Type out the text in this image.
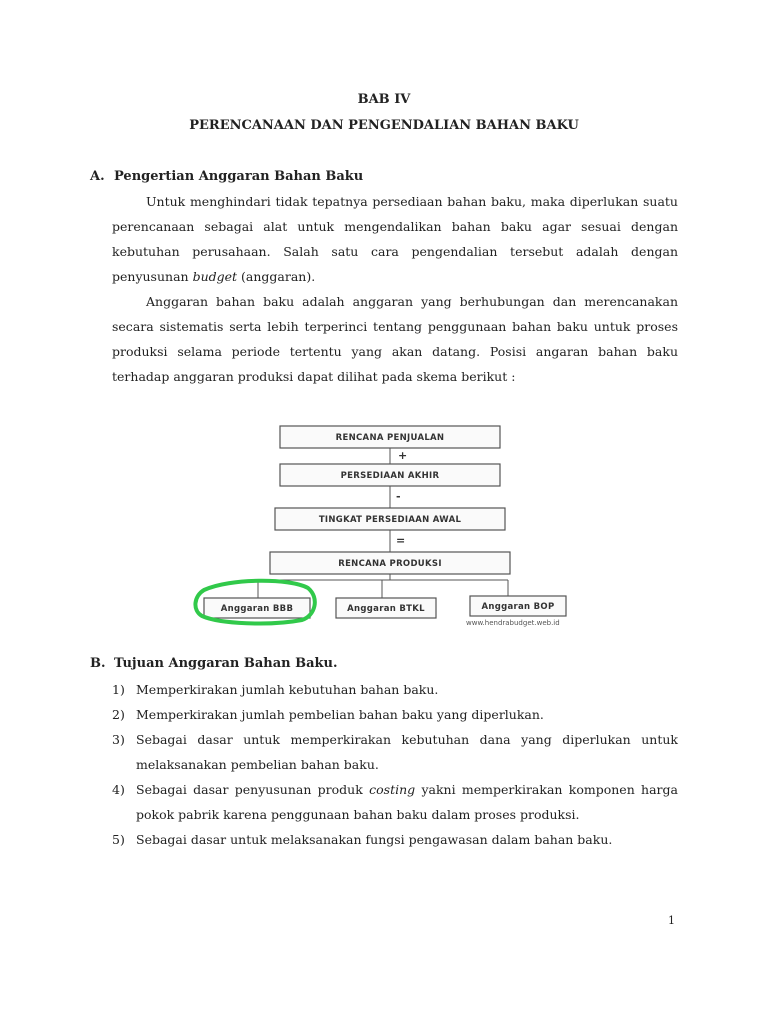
BAB IV
PERENCANAAN DAN PENGENDALIAN BAHAN BAKU
A. Pengertian Anggaran Bahan Baku

Untuk menghindari tidak tepatnya persediaan bahan baku, maka diperlukan suatu perencanaan sebagai alat untuk mengendalikan bahan baku agar sesuai dengan kebutuhan perusahaan. Salah satu cara pengendalian tersebut adalah dengan penyusunan budget (anggaran).

Anggaran bahan baku adalah anggaran yang berhubungan dan merencanakan secara sistematis serta lebih terperinci tentang penggunaan bahan baku untuk proses produksi selama periode tertentu yang akan datang. Posisi angaran bahan baku terhadap anggaran produksi dapat dilihat pada skema berikut :

RENCANA PENJUALAN
+
PERSEDIAAN AKHIR
-
TINGKAT PERSEDIAAN AWAL
=
RENCANA PRODUKSI
Anggaran BBB	Anggaran BTKL	Anggaran BOP
www.hendrabudget.web.id
B. Tujuan Anggaran Bahan Baku.
1) Memperkirakan jumlah kebutuhan bahan baku.
2) Memperkirakan jumlah pembelian bahan baku yang diperlukan.
3) Sebagai dasar untuk memperkirakan kebutuhan dana yang diperlukan untuk melaksanakan pembelian bahan baku.
4) Sebagai dasar penyusunan produk costing yakni memperkirakan komponen harga pokok pabrik karena penggunaan bahan baku dalam proses produksi.
5) Sebagai dasar untuk melaksanakan fungsi pengawasan dalam bahan baku.
1
